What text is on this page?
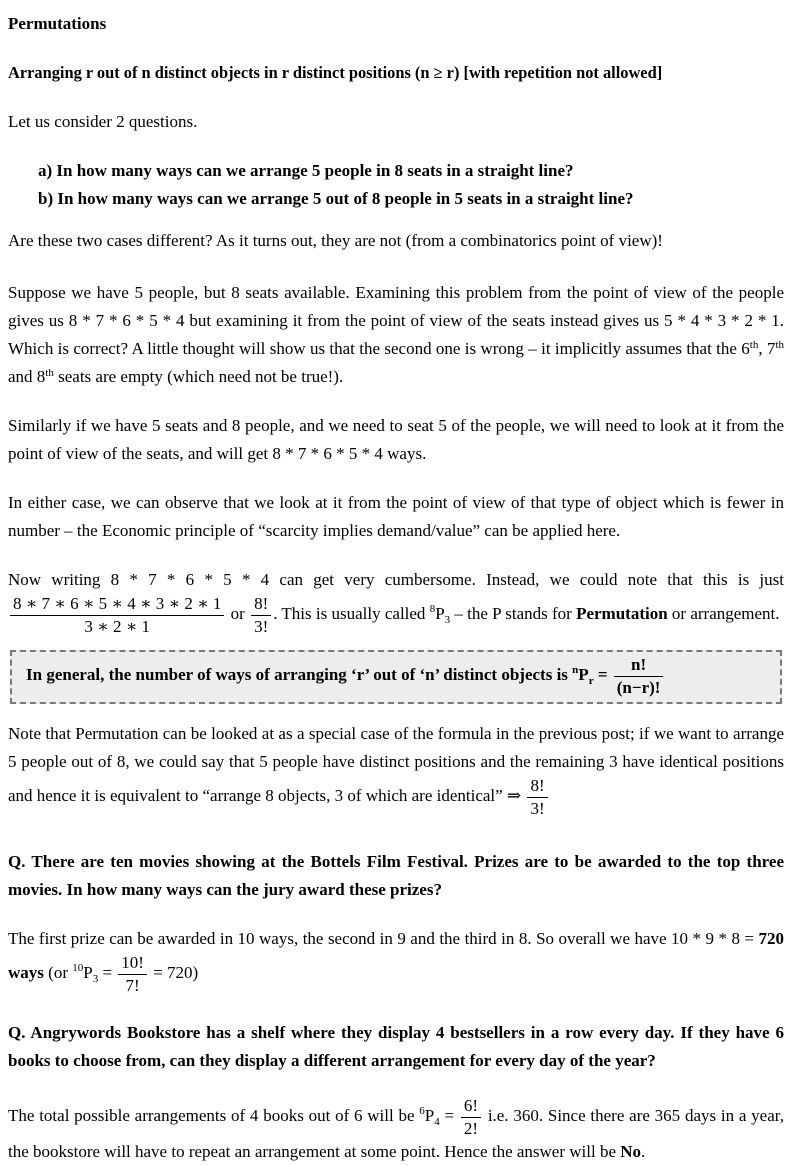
Permutations

Arranging r out of n distinct objects in r distinct positions (n ≥ r) [with repetition not allowed]

Let us consider 2 questions.

a) In how many ways can we arrange 5 people in 8 seats in a straight line?
b) In how many ways can we arrange 5 out of 8 people in 5 seats in a straight line?

Are these two cases different? As it turns out, they are not (from a combinatorics point of view)!

Suppose we have 5 people, but 8 seats available. Examining this problem from the point of view of the people gives us 8 * 7 * 6 * 5 * 4 but examining it from the point of view of the seats instead gives us 5 * 4 * 3 * 2 * 1. Which is correct? A little thought will show us that the second one is wrong – it implicitly assumes that the 6th, 7th and 8th seats are empty (which need not be true!).

Similarly if we have 5 seats and 8 people, and we need to seat 5 of the people, we will need to look at it from the point of view of the seats, and will get 8 * 7 * 6 * 5 * 4 ways.

In either case, we can observe that we look at it from the point of view of that type of object which is fewer in number – the Economic principle of “scarcity implies demand/value” can be applied here.

Now writing 8 * 7 * 6 * 5 * 4 can get very cumbersome. Instead, we could note that this is just
$\frac{8 ∗ 7 ∗ 6 ∗ 5 ∗ 4 ∗ 3 ∗ 2 ∗ 1}{3 ∗ 2 ∗ 1}$ or $\frac{8!}{3!}$ . This is usually called $^8P_3$ – the P stands for Permutation or arrangement.

In general, the number of ways of arranging ‘r’ out of ‘n’ distinct objects is $^nP_r = \frac{n!}{(n-r)!}$

Note that Permutation can be looked at as a special case of the formula in the previous post; if we want to arrange 5 people out of 8, we could say that 5 people have distinct positions and the remaining 3 have identical positions and hence it is equivalent to “arrange 8 objects, 3 of which are identical” ⇒ $\frac{8!}{3!}$

Q. There are ten movies showing at the Bottels Film Festival. Prizes are to be awarded to the top three movies. In how many ways can the jury award these prizes?

The first prize can be awarded in 10 ways, the second in 9 and the third in 8. So overall we have 10 * 9 * 8 = 720 ways (or $^{10}P_3 = \frac{10!}{7!} = 720$)

Q. Angrywords Bookstore has a shelf where they display 4 bestsellers in a row every day. If they have 6 books to choose from, can they display a different arrangement for every day of the year?

The total possible arrangements of 4 books out of 6 will be $^6P_4 = \frac{6!}{2!} i.e$. 360. Since there are 365 days in a year, the bookstore will have to repeat an arrangement at some point. Hence the answer will be No.
